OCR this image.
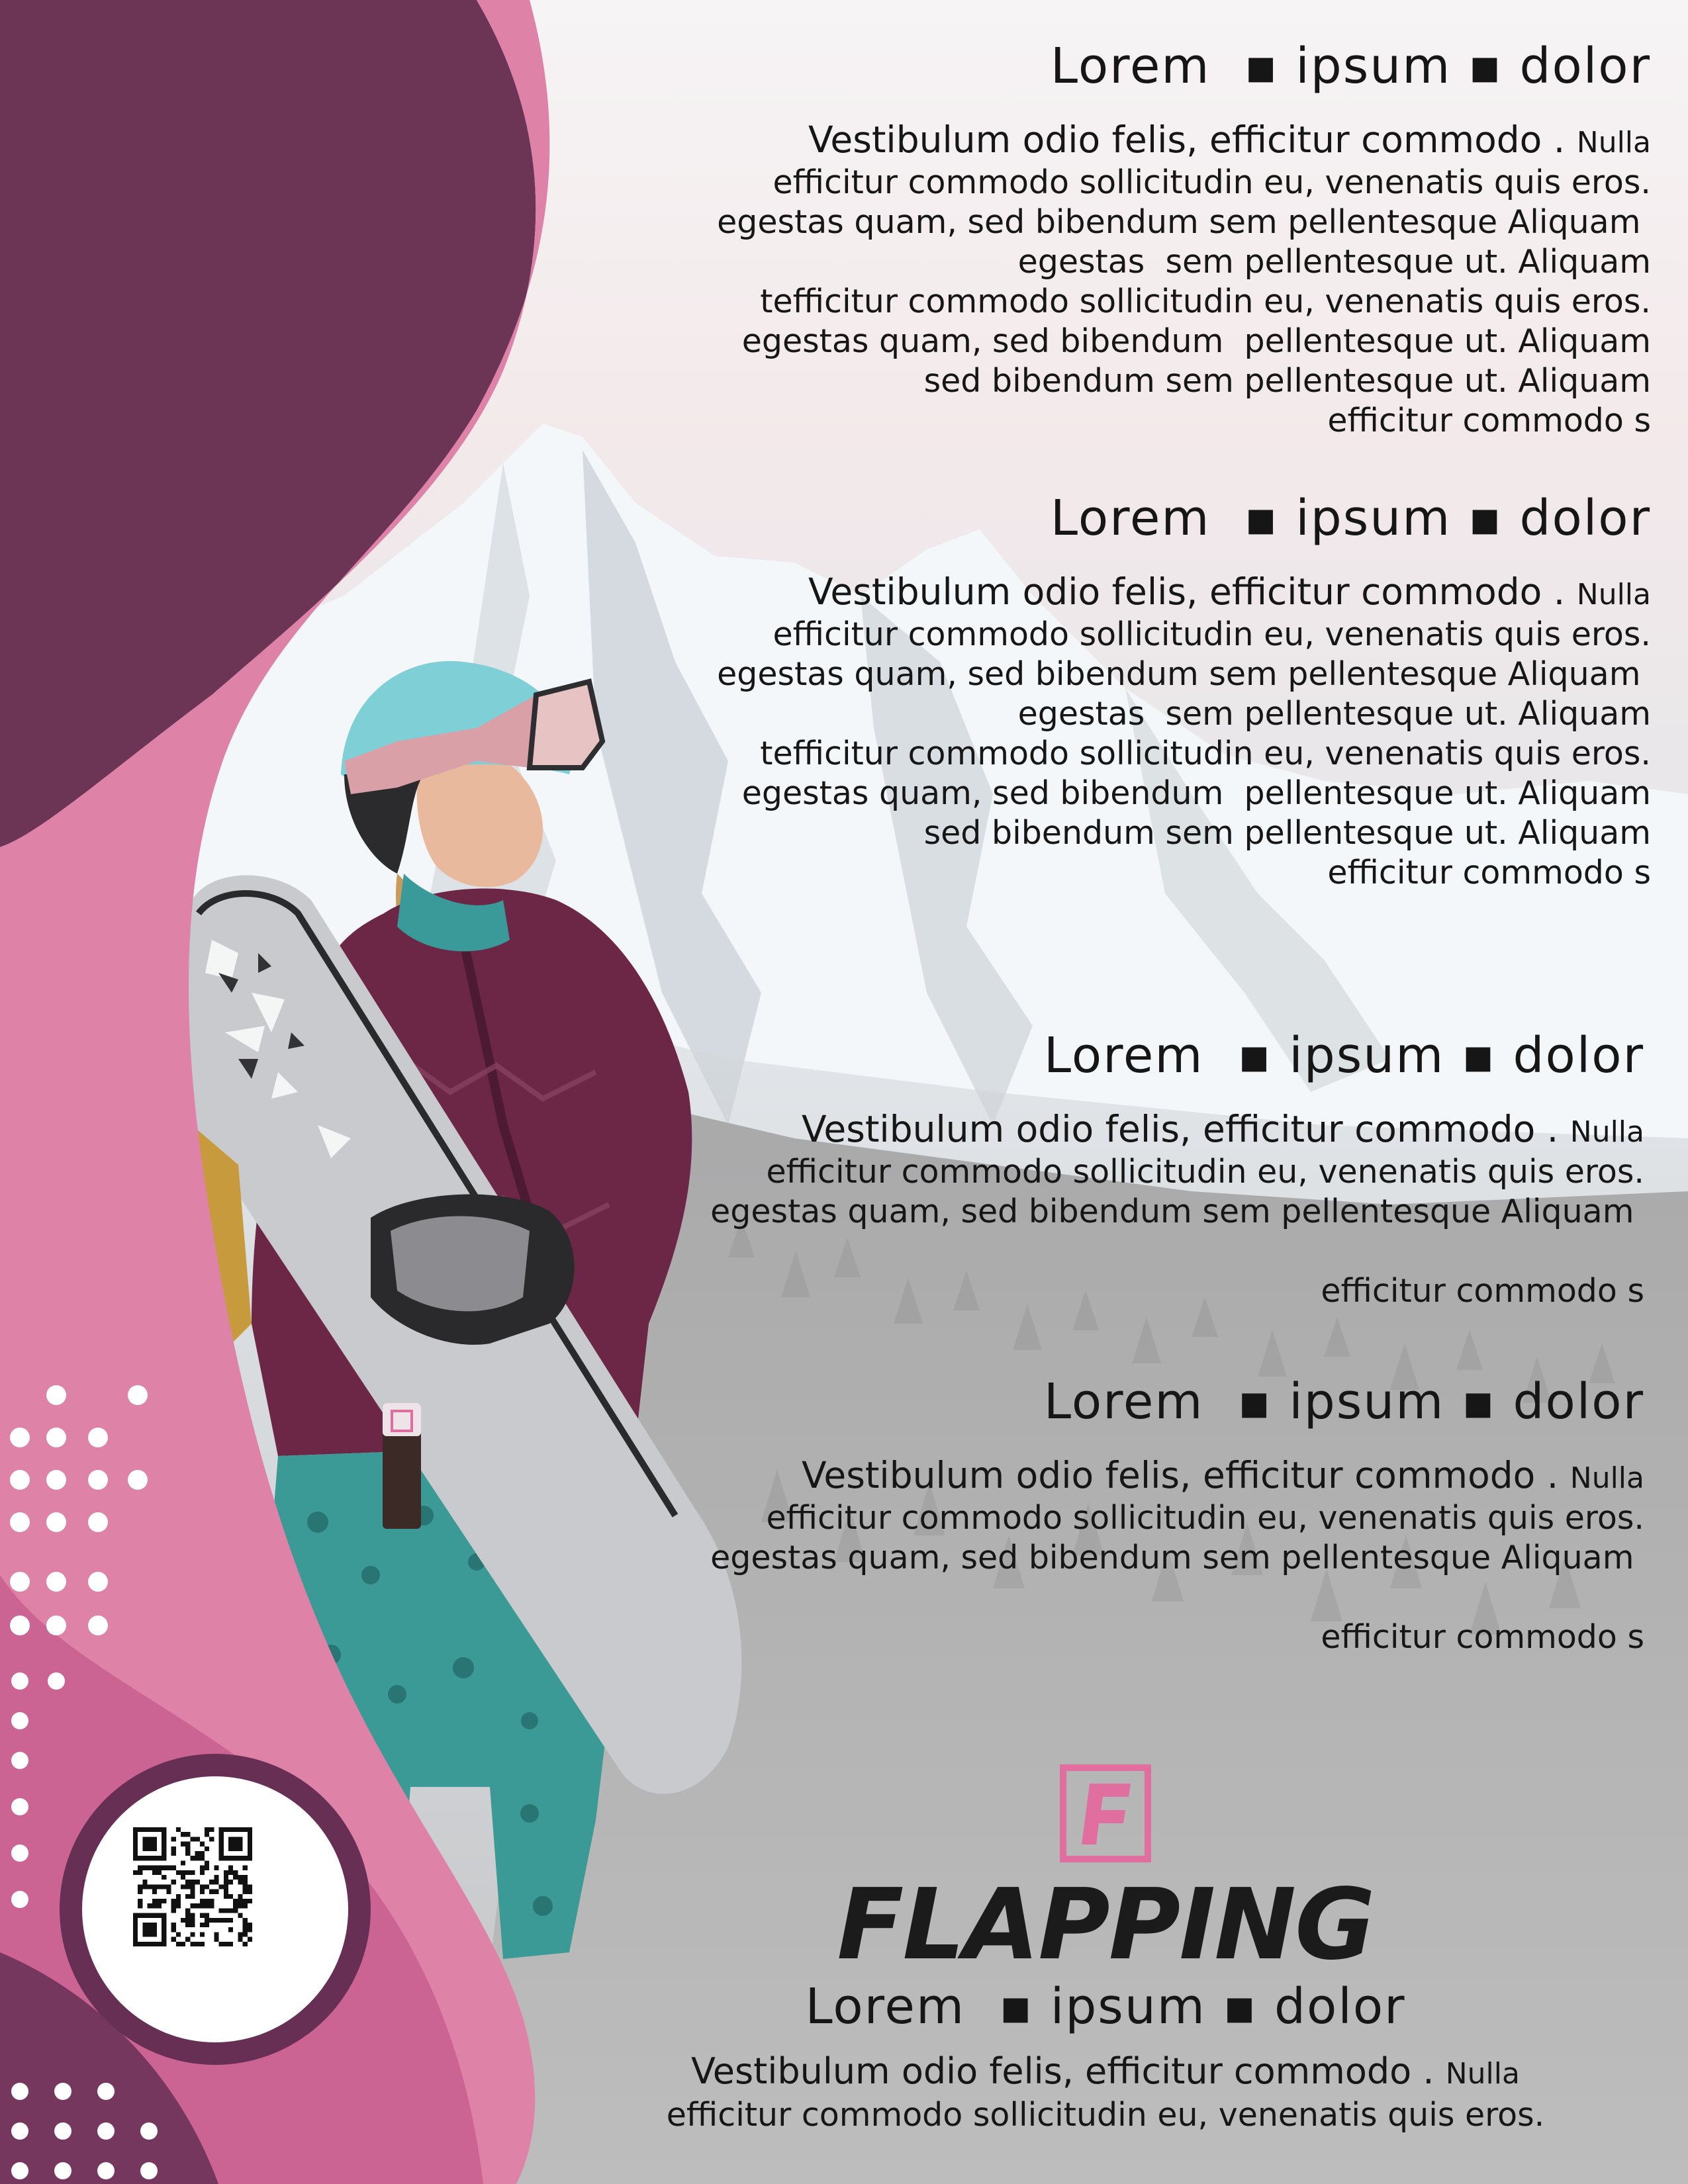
Lorem  ▪ ipsum ▪ dolor
Vestibulum odio felis, efficitur commodo . Nulla
efficitur commodo sollicitudin eu, venenatis quis eros.
egestas quam, sed bibendum sem pellentesque Aliquam
egestas  sem pellentesque ut. Aliquam
tefficitur commodo sollicitudin eu, venenatis quis eros.
egestas quam, sed bibendum  pellentesque ut. Aliquam
sed bibendum sem pellentesque ut. Aliquam
efficitur commodo s
Lorem  ▪ ipsum ▪ dolor
Vestibulum odio felis, efficitur commodo . Nulla
efficitur commodo sollicitudin eu, venenatis quis eros.
egestas quam, sed bibendum sem pellentesque Aliquam
egestas  sem pellentesque ut. Aliquam
tefficitur commodo sollicitudin eu, venenatis quis eros.
egestas quam, sed bibendum  pellentesque ut. Aliquam
sed bibendum sem pellentesque ut. Aliquam
efficitur commodo s
Lorem  ▪ ipsum ▪ dolor
Vestibulum odio felis, efficitur commodo . Nulla
efficitur commodo sollicitudin eu, venenatis quis eros.
egestas quam, sed bibendum sem pellentesque Aliquam
efficitur commodo s
Lorem  ▪ ipsum ▪ dolor
Vestibulum odio felis, efficitur commodo . Nulla
efficitur commodo sollicitudin eu, venenatis quis eros.
egestas quam, sed bibendum sem pellentesque Aliquam
efficitur commodo s
FLAPPING
Lorem  ▪ ipsum ▪ dolor
Vestibulum odio felis, efficitur commodo . Nulla
efficitur commodo sollicitudin eu, venenatis quis eros.
